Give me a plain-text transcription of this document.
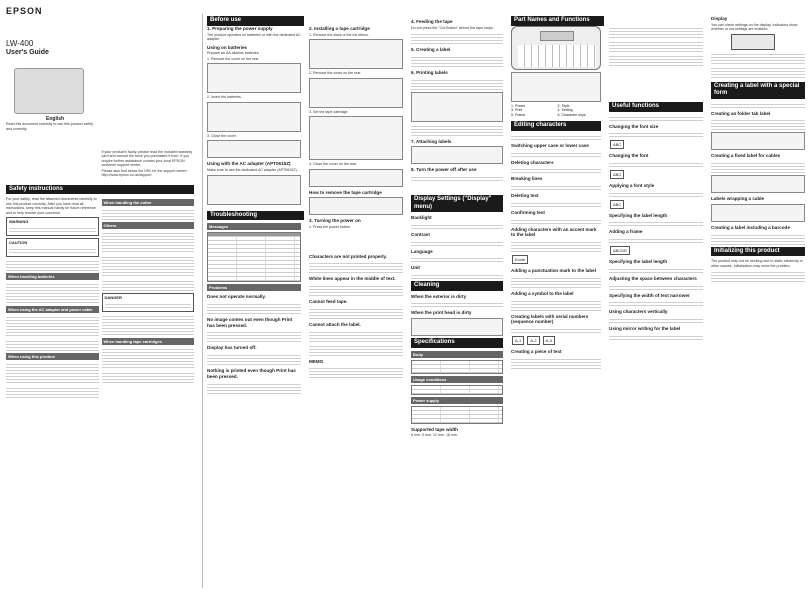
EPSON
LW-400
User's Guide
English
Read this document carefully to use this product safely and correctly.
If your product's faulty, please read the included warranty card and consult the store you purchased it from. If you require further assistance contact your local EPSON customer support center.
Please also find below the URL for the support centre: http://www.epson.co.uk/support
Safety instructions
For your safety, read the attached documents carefully to use this product correctly. After you have read all instructions, keep this manual handy for future reference and to help resolve your concerns.
WARNING
CAUTION
When handling batteries
When using the AC adapter and power cable
When using this product
When handling the cutter
Others
DANGER
When handling tape cartridges
Before use
1. Preparing the power supply
The product operates on batteries or with the dedicated AC adapter.
Using on batteries
Prepare six AA alkaline batteries.
1. Remove the cover on the rear.
2. Insert the batteries.
3. Close the cover.
Using with the AC adapter (APT0615Z)
Make sure to use the dedicated AC adapter (APT0615Z).
Troubleshooting
Messages
Problems
Does not operate normally.
No image comes out even though Print has been pressed.
Display has turned off.
Nothing is printed even though Print has been pressed.
2. Installing a tape cartridge
1. Remove the slack of the ink ribbon.
2. Remove the cover on the rear.
3. Set the tape cartridge.
4. Close the cover on the rear.
How to remove the tape cartridge
3. Turning the power on
1. Press the power button.
Characters are not printed properly.
White lines appear in the middle of text.
Cannot feed tape.
Cannot attach the label.
MEMO
4. Feeding the tape
Do not press the "Cut Button" before the tape stops.
5. Creating a label
6. Printing labels
7. Attaching labels
8. Turn the power off after use
Display Settings ("Display" menu)
Backlight
Contrast
Language
Unit
Cleaning
When the exterior is dirty
When the print head is dirty
Specifications
Body
Usage conditions
Power supply
Supported tape width
6 mm, 9 mm, 12 mm, 18 mm
Part Names and Functions
1. Power
3. Print
5. Frame
2. Style
4. Setting
6. Character keys
Editing characters
Switching upper case or lower case
Deleting characters
Breaking lines
Deleting text
Confirming text
Adding characters with an accent mark to the label
Ecole
Adding a punctuation mark to the label
Adding a symbol to the label
Creating labels with serial numbers (sequence number)
A-1 A-2 A-3
Creating a piece of text
Useful functions
Changing the font size
ABC
Changing the font
ABC
Applying a font style
ABC
Specifying the label length
Adding a frame
ABCDE
Specifying the label length
Adjusting the space between characters
Specifying the width of text narrower
Using characters vertically
Using mirror writing for the label
Display
You can check settings on the display. Indicators show whether or not settings are enabled.
Creating a label with a special form
Creating an folder tab label
Creating a fixed label for cables
Labels wrapping a cable
Creating a label including a barcode
Initializing this product
The product may not be working due to static electricity or other causes. Initialization may solve the problem.
